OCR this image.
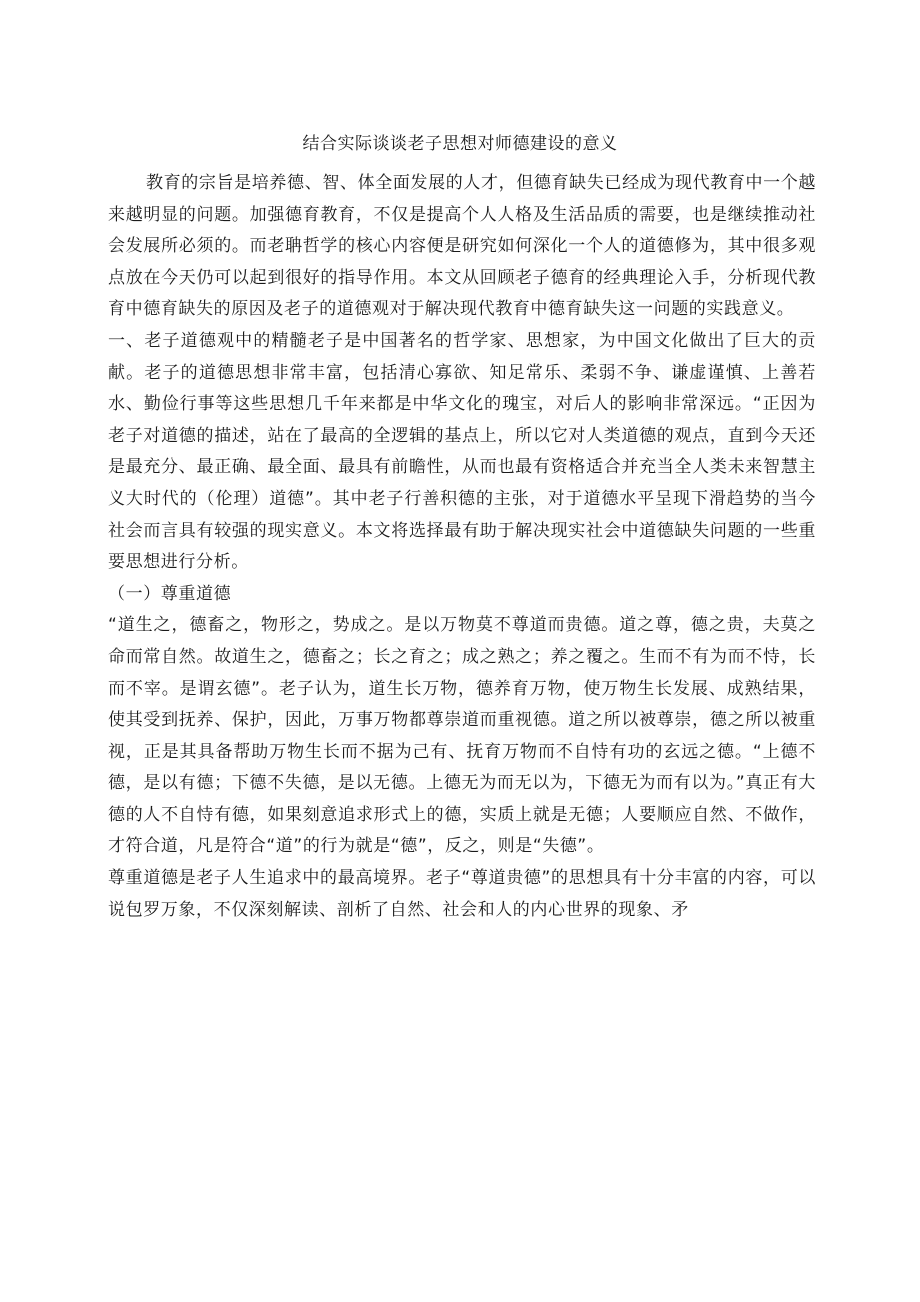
结合实际谈谈老子思想对师德建设的意义

教育的宗旨是培养德、智、体全面发展的人才，但德育缺失已经成为现代教育中一个越来越明显的问题。加强德育教育，不仅是提高个人人格及生活品质的需要，也是继续推动社会发展所必须的。而老聃哲学的核心内容便是研究如何深化一个人的道德修为，其中很多观点放在今天仍可以起到很好的指导作用。本文从回顾老子德育的经典理论入手，分析现代教育中德育缺失的原因及老子的道德观对于解决现代教育中德育缺失这一问题的实践意义。

一、老子道德观中的精髓老子是中国著名的哲学家、思想家，为中国文化做出了巨大的贡献。老子的道德思想非常丰富，包括清心寡欲、知足常乐、柔弱不争、谦虚谨慎、上善若水、勤俭行事等这些思想几千年来都是中华文化的瑰宝，对后人的影响非常深远。“正因为老子对道德的描述，站在了最高的全逻辑的基点上，所以它对人类道德的观点，直到今天还是最充分、最正确、最全面、最具有前瞻性，从而也最有资格适合并充当全人类未来智慧主义大时代的（伦理）道德”。其中老子行善积德的主张，对于道德水平呈现下滑趋势的当今社会而言具有较强的现实意义。本文将选择最有助于解决现实社会中道德缺失问题的一些重要思想进行分析。

（一）尊重道德

“道生之，德畜之，物形之，势成之。是以万物莫不尊道而贵德。道之尊，德之贵，夫莫之命而常自然。故道生之，德畜之；长之育之；成之熟之；养之覆之。生而不有为而不恃，长而不宰。是谓玄德”。老子认为，道生长万物，德养育万物，使万物生长发展、成熟结果，使其受到抚养、保护，因此，万事万物都尊崇道而重视德。道之所以被尊崇，德之所以被重视，正是其具备帮助万物生长而不据为己有、抚育万物而不自恃有功的玄远之德。“上德不德，是以有德；下德不失德，是以无德。上德无为而无以为，下德无为而有以为。”真正有大德的人不自恃有德，如果刻意追求形式上的德，实质上就是无德；人要顺应自然、不做作，才符合道，凡是符合“道”的行为就是“德”，反之，则是“失德”。

尊重道德是老子人生追求中的最高境界。老子“尊道贵德”的思想具有十分丰富的内容，可以说包罗万象，不仅深刻解读、剖析了自然、社会和人的内心世界的现象、矛
